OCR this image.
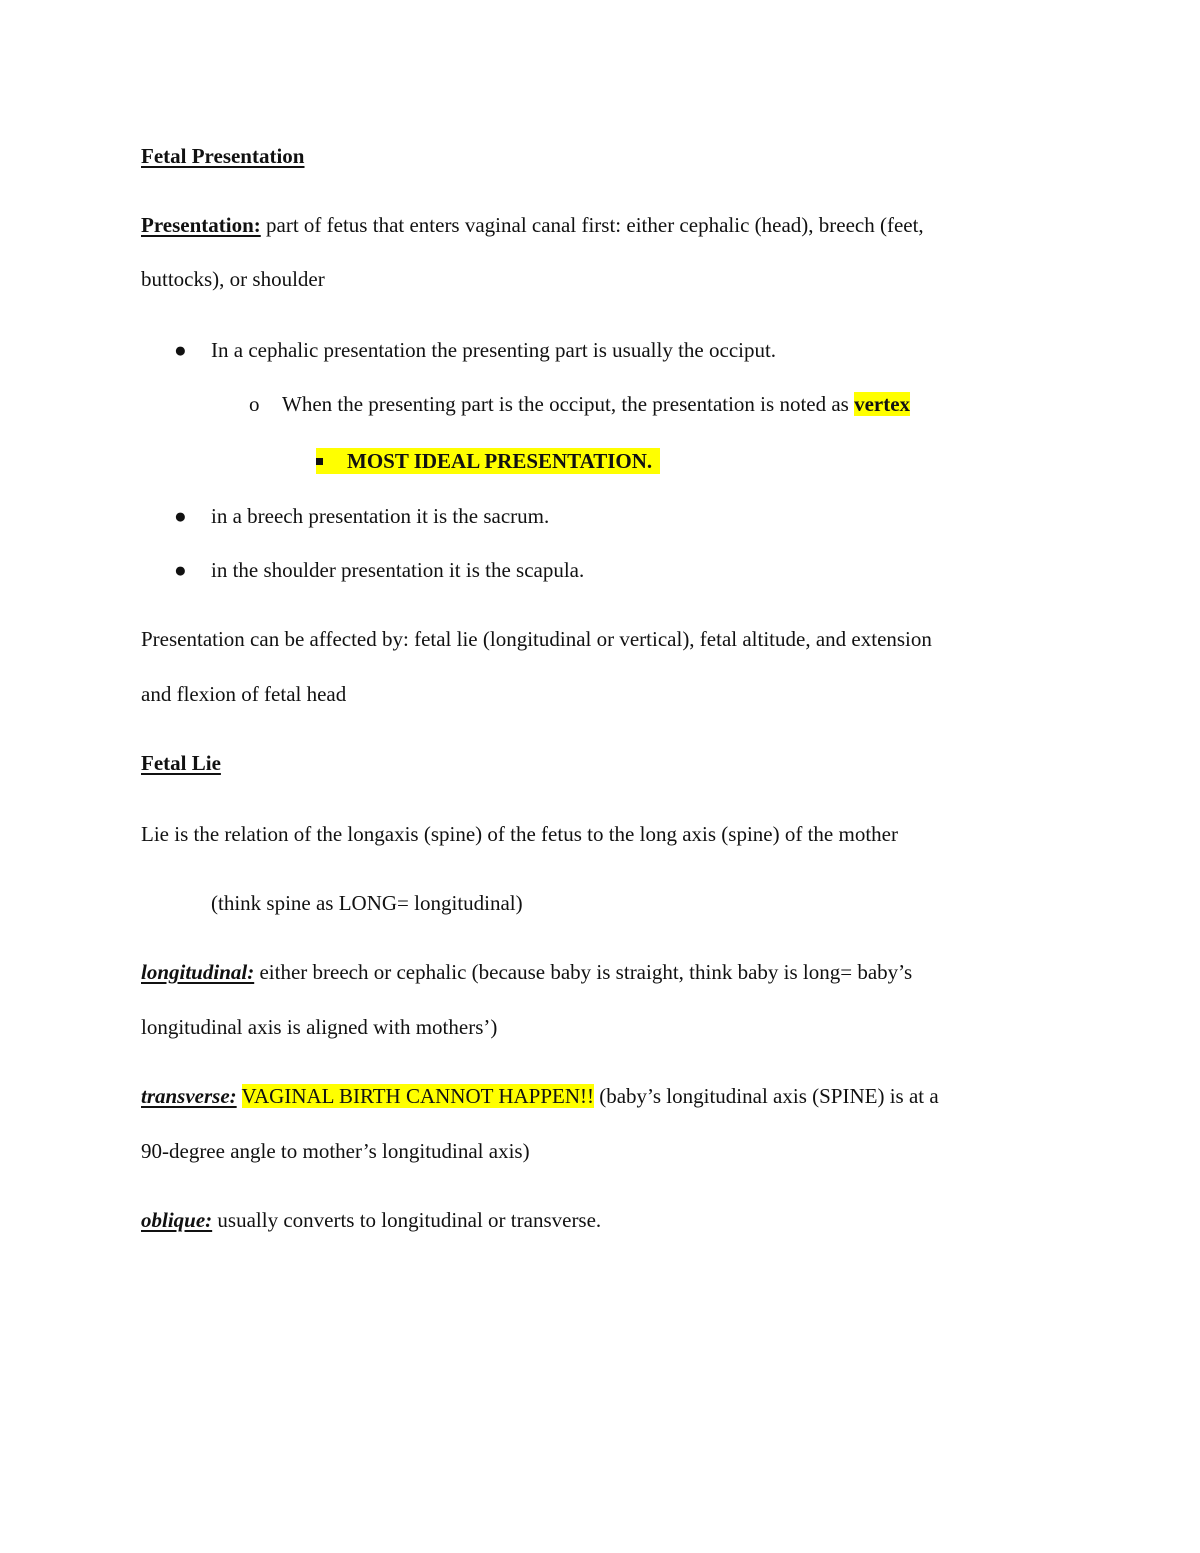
Fetal Presentation
Presentation: part of fetus that enters vaginal canal first: either cephalic (head), breech (feet,
buttocks), or shoulder
● In a cephalic presentation the presenting part is usually the occiput.
o When the presenting part is the occiput, the presentation is noted as vertex
MOST IDEAL PRESENTATION.
● in a breech presentation it is the sacrum.
● in the shoulder presentation it is the scapula.
Presentation can be affected by: fetal lie (longitudinal or vertical), fetal altitude, and extension
and flexion of fetal head
Fetal Lie
Lie is the relation of the longaxis (spine) of the fetus to the long axis (spine) of the mother
(think spine as LONG= longitudinal)
longitudinal: either breech or cephalic (because baby is straight, think baby is long= baby’s
longitudinal axis is aligned with mothers’)
transverse: VAGINAL BIRTH CANNOT HAPPEN!! (baby’s longitudinal axis (SPINE) is at a
90-degree angle to mother’s longitudinal axis)
oblique: usually converts to longitudinal or transverse.
